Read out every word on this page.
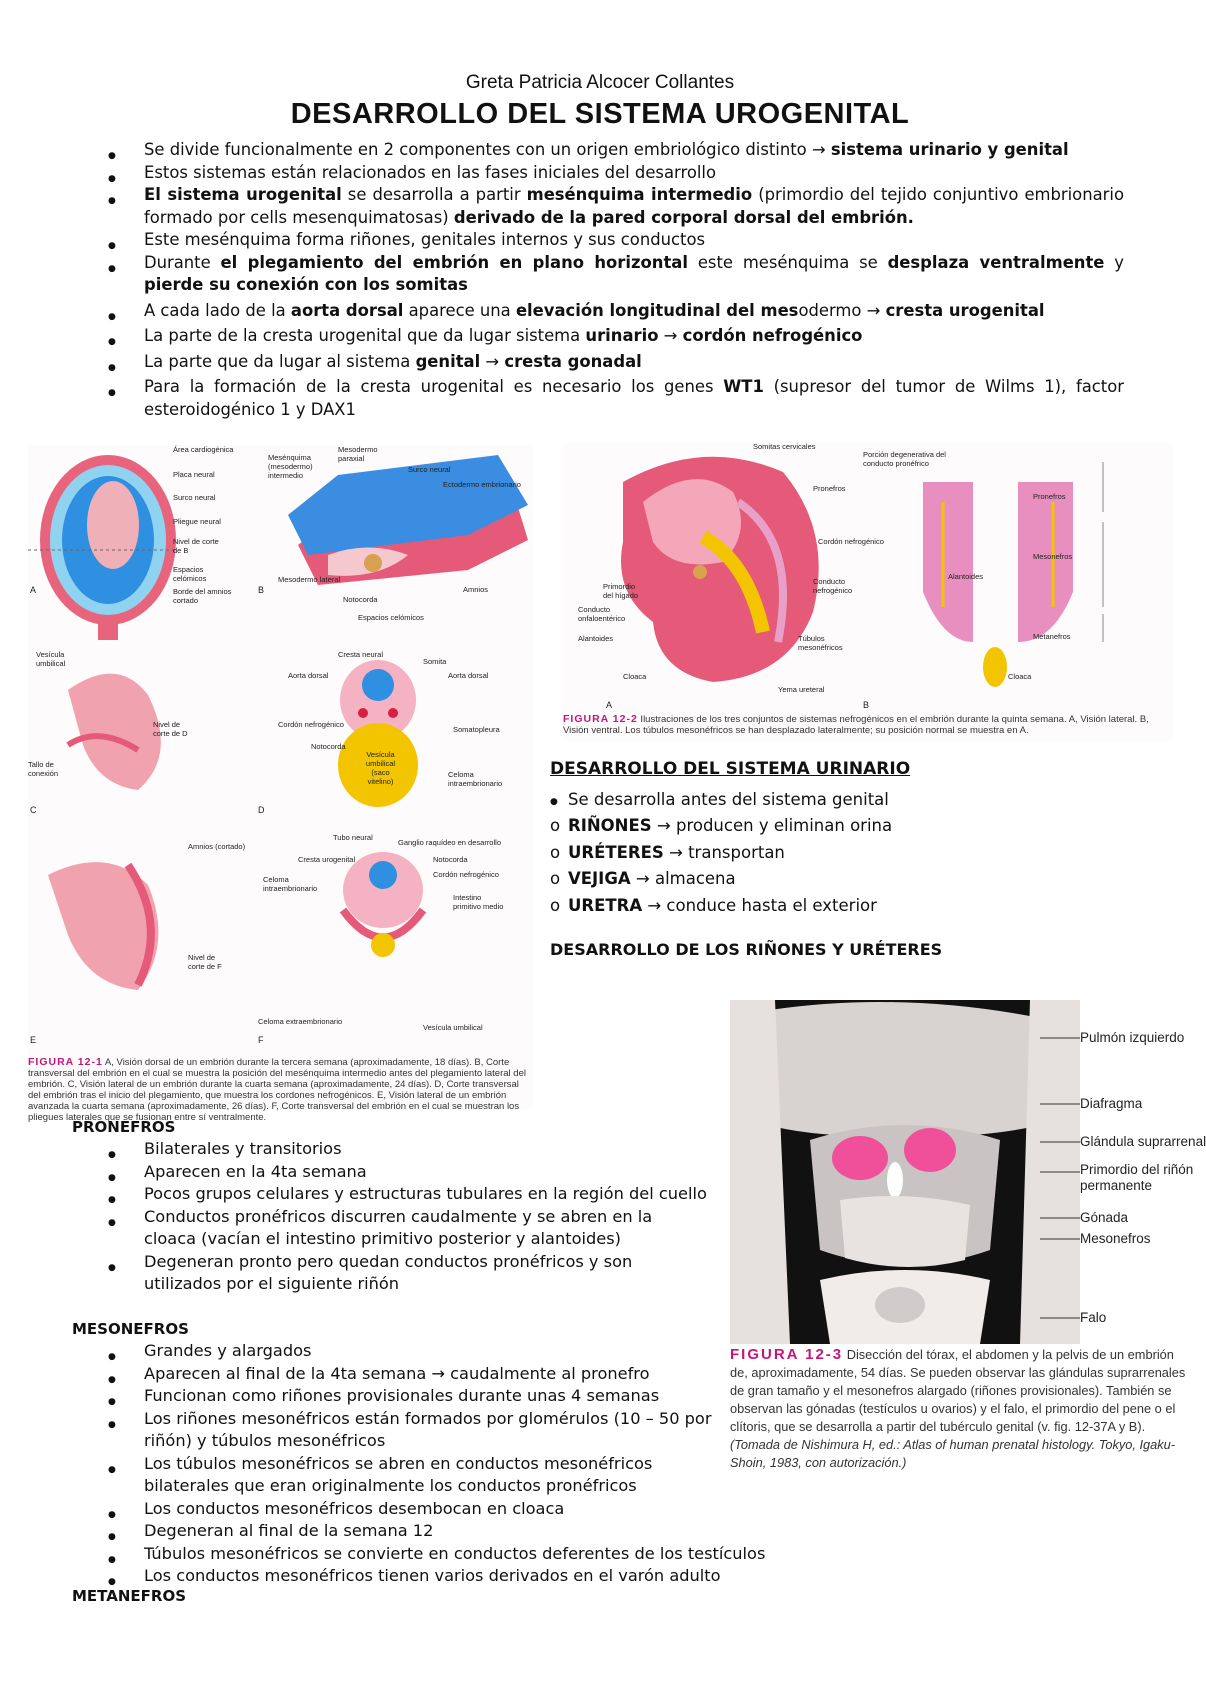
Greta Patricia Alcocer Collantes
DESARROLLO DEL SISTEMA UROGENITAL
● Se divide funcionalmente en 2 componentes con un origen embriológico distinto → sistema urinario y genital
● Estos sistemas están relacionados en las fases iniciales del desarrollo
● El sistema urogenital se desarrolla a partir mesénquima intermedio (primordio del tejido conjuntivo embrionario formado por cells mesenquimatosas) derivado de la pared corporal dorsal del embrión.
● Este mesénquima forma riñones, genitales internos y sus conductos
● Durante el plegamiento del embrión en plano horizontal este mesénquima se desplaza ventralmente y pierde su conexión con los somitas
● A cada lado de la aorta dorsal aparece una elevación longitudinal del mesodermo → cresta urogenital
● La parte de la cresta urogenital que da lugar sistema urinario → cordón nefrogénico
● La parte que da lugar al sistema genital → cresta gonadal
● Para la formación de la cresta urogenital es necesario los genes WT1 (supresor del tumor de Wilms 1), factor esteroidogénico 1 y DAX1
A	B
C	D
E	F
Área cardiogénica
Placa neural
Surco neural
Pliegue neural
Nivel de corte de B
Espacios celómicos
Borde del amnios cortado
Mesénquima (mesodermo) intermedio
Mesodermo paraxial
Surco neural
Ectodermo embrionario
Mesodermo lateral
Notocorda
Amnios
Espacios celómicos
Vesícula umbilical
Nivel de corte de D
Tallo de conexión
Cresta neural
Somita
Aorta dorsal	Aorta dorsal
Cordón nefrogénico
Somatopleura
Notocorda
Vesícula umbilical (saco vitelino)
Celoma intraembrionario
Amnios (cortado)
Nivel de corte de F
Tubo neural
Ganglio raquídeo en desarrollo
Cresta urogenital	Notocorda
Cordón nefrogénico
Celoma intraembrionario
Intestino primitivo medio
Celoma extraembrionario
Vesícula umbilical
FIGURA 12-1 A, Visión dorsal de un embrión durante la tercera semana (aproximadamente, 18 días). B, Corte transversal del embrión en el cual se muestra la posición del mesénquima intermedio antes del plegamiento lateral del embrión. C, Visión lateral de un embrión durante la cuarta semana (aproximadamente, 24 días). D, Corte transversal del embrión tras el inicio del plegamiento, que muestra los cordones nefrogénicos. E, Visión lateral de un embrión avanzada la cuarta semana (aproximadamente, 26 días). F, Corte transversal del embrión en el cual se muestran los pliegues laterales que se fusionan entre sí ventralmente.
Somitas cervicales
Porción degenerativa del conducto pronéfrico
Pronefros
Pronefros
Cordón nefrogénico
Mesonefros
Primordio del hígado
Conducto nefrogénico
Alantoides
Conducto onfaloentérico
Alantoides	Túbulos mesonéfricos
Metanefros
Cloaca	Cloaca
Yema ureteral
A	B
FIGURA 12-2 Ilustraciones de los tres conjuntos de sistemas nefrogénicos en el embrión durante la quinta semana. A, Visión lateral. B, Visión ventral. Los túbulos mesonéfricos se han desplazado lateralmente; su posición normal se muestra en A.
DESARROLLO DEL SISTEMA URINARIO
● Se desarrolla antes del sistema genital
o RIÑONES → producen y eliminan orina
o URÉTERES → transportan
o VEJIGA → almacena
o URETRA → conduce hasta el exterior
DESARROLLO DE LOS RIÑONES Y URÉTERES
PRONEFROS
● Bilaterales y transitorios
● Aparecen en la 4ta semana
● Pocos grupos celulares y estructuras tubulares en la región del cuello
● Conductos pronéfricos discurren caudalmente y se abren en la cloaca (vacían el intestino primitivo posterior y alantoides)
● Degeneran pronto pero quedan conductos pronéfricos y son utilizados por el siguiente riñón
MESONEFROS
● Grandes y alargados
● Aparecen al final de la 4ta semana → caudalmente al pronefro
● Funcionan como riñones provisionales durante unas 4 semanas
● Los riñones mesonéfricos están formados por glomérulos (10 – 50 por riñón) y túbulos mesonéfricos
● Los túbulos mesonéfricos se abren en conductos mesonéfricos bilaterales que eran originalmente los conductos pronéfricos
● Los conductos mesonéfricos desembocan en cloaca
● Degeneran al final de la semana 12
● Túbulos mesonéfricos se convierte en conductos deferentes de los testículos
● Los conductos mesonéfricos tienen varios derivados en el varón adulto
METANEFROS
Pulmón izquierdo
Diafragma
Glándula suprarrenal
Primordio del riñón permanente
Gónada
Mesonefros
Falo
FIGURA 12-3 Disección del tórax, el abdomen y la pelvis de un embrión de, aproximadamente, 54 días. Se pueden observar las glándulas suprarrenales de gran tamaño y el mesonefros alargado (riñones provisionales). También se observan las gónadas (testículos u ovarios) y el falo, el primordio del pene o el clítoris, que se desarrolla a partir del tubérculo genital (v. fig. 12-37A y B). (Tomada de Nishimura H, ed.: Atlas of human prenatal histology. Tokyo, Igaku-Shoin, 1983, con autorización.)
